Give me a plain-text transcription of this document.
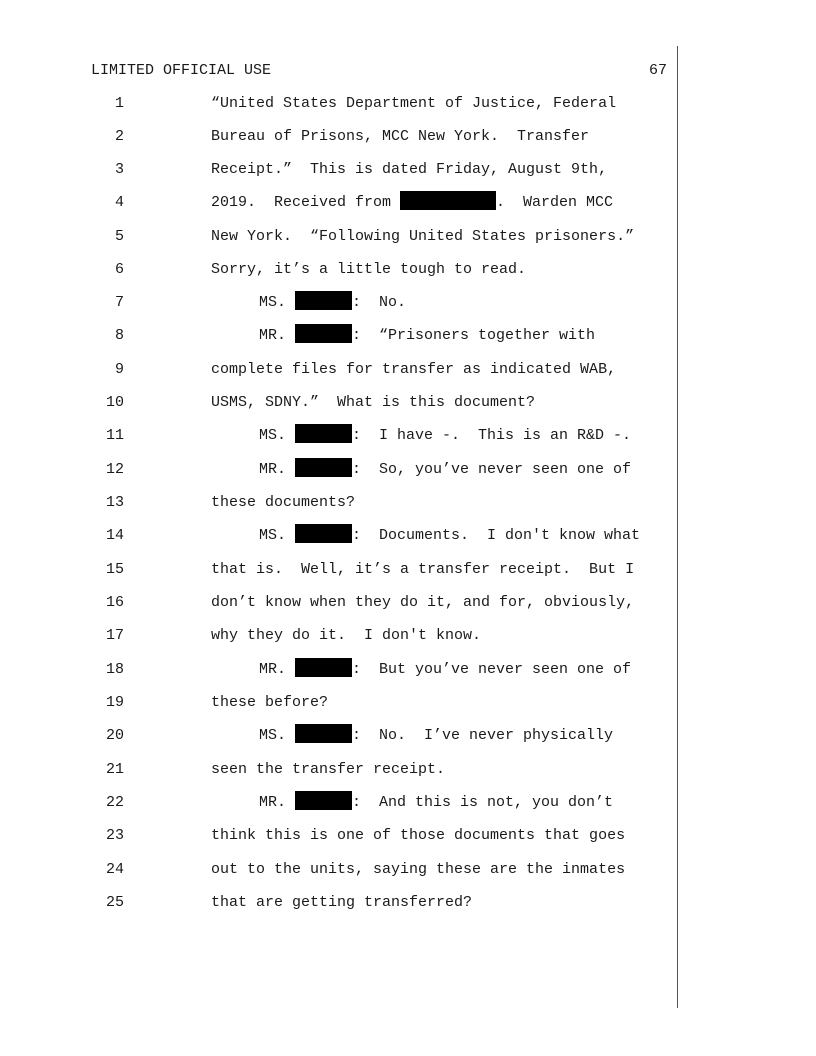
LIMITED OFFICIAL USE	67
1	“United States Department of Justice, Federal
2	Bureau of Prisons, MCC New York.  Transfer
3	Receipt.”  This is dated Friday, August 9th,
4	2019.  Received from	.  Warden MCC
5	New York.  “Following United States prisoners.”
6	Sorry, it’s a little tough to read.
7	MS.	:  No.
8	MR.	:  “Prisoners together with
9	complete files for transfer as indicated WAB,
10	USMS, SDNY.”  What is this document?
11	MS.	:  I have -.  This is an R&D -.
12	MR.	:  So, you’ve never seen one of
13	these documents?
14	MS.	:  Documents.  I don't know what
15	that is.  Well, it’s a transfer receipt.  But I
16	don’t know when they do it, and for, obviously,
17	why they do it.  I don't know.
18	MR.	:  But you’ve never seen one of
19	these before?
20	MS.	:  No.  I’ve never physically
21	seen the transfer receipt.
22	MR.	:  And this is not, you don’t
23	think this is one of those documents that goes
24	out to the units, saying these are the inmates
25	that are getting transferred?
